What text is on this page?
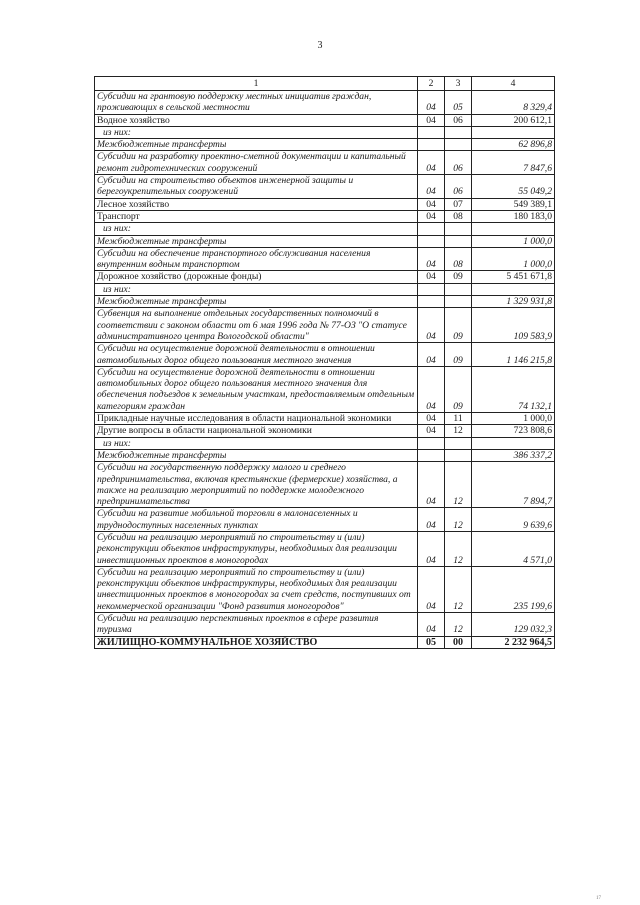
3
1	2	3	4
Субсидии на грантовую поддержку местных инициатив граждан, проживающих в сельской местности	04	05	8 329,4
Водное хозяйство	04	06	200 612,1

из них:			

Межбюджетные трансферты			62 896,8
Субсидии на разработку проектно-сметной документации и капитальный ремонт гидротехнических сооружений	04	06	7 847,6
Субсидии на строительство объектов инженерной защиты и берегоукрепительных сооружений	04	06	55 049,2
Лесное хозяйство	04	07	549 389,1
Транспорт	04	08	180 183,0

из них:			

Межбюджетные трансферты			1 000,0
Субсидии на обеспечение транспортного обслуживания населения внутренним водным транспортом	04	08	1 000,0
Дорожное хозяйство (дорожные фонды)	04	09	5 451 671,8

из них:			

Межбюджетные трансферты			1 329 931,8
Субвенция на выполнение отдельных государственных полномочий в соответствии с законом области от 6 мая 1996 года № 77-ОЗ "О статусе административного центра Вологодской области"	04	09	109 583,9
Субсидии на осуществление дорожной деятельности в отношении автомобильных дорог общего пользования местного значения	04	09	1 146 215,8
Субсидии на осуществление дорожной деятельности в отношении автомобильных дорог общего пользования местного значения для обеспечения подъездов к земельным участкам, предоставляемым отдельным категориям граждан	04	09	74 132,1
Прикладные научные исследования в области национальной экономики	04	11	1 000,0
Другие вопросы в области национальной экономики	04	12	723 808,6

из них:			

Межбюджетные трансферты			386 337,2
Субсидии на государственную поддержку малого и среднего предпринимательства, включая крестьянские (фермерские) хозяйства, а также на реализацию мероприятий по поддержке молодежного предпринимательства	04	12	7 894,7
Субсидии на развитие мобильной торговли в малонаселенных и труднодоступных населенных пунктах	04	12	9 639,6
Субсидии на реализацию мероприятий по строительству и (или) реконструкции объектов инфраструктуры, необходимых для реализации инвестиционных проектов в моногородах	04	12	4 571,0
Субсидии на реализацию мероприятий по строительству и (или) реконструкции объектов инфраструктуры, необходимых для реализации инвестиционных проектов в моногородах за счет средств, поступивших от некоммерческой организации "Фонд развития моногородов"	04	12	235 199,6
Субсидии на реализацию перспективных проектов в сфере развития туризма	04	12	129 032,3
ЖИЛИЩНО-КОММУНАЛЬНОЕ ХОЗЯЙСТВО	05	00	2 232 964,5
17
